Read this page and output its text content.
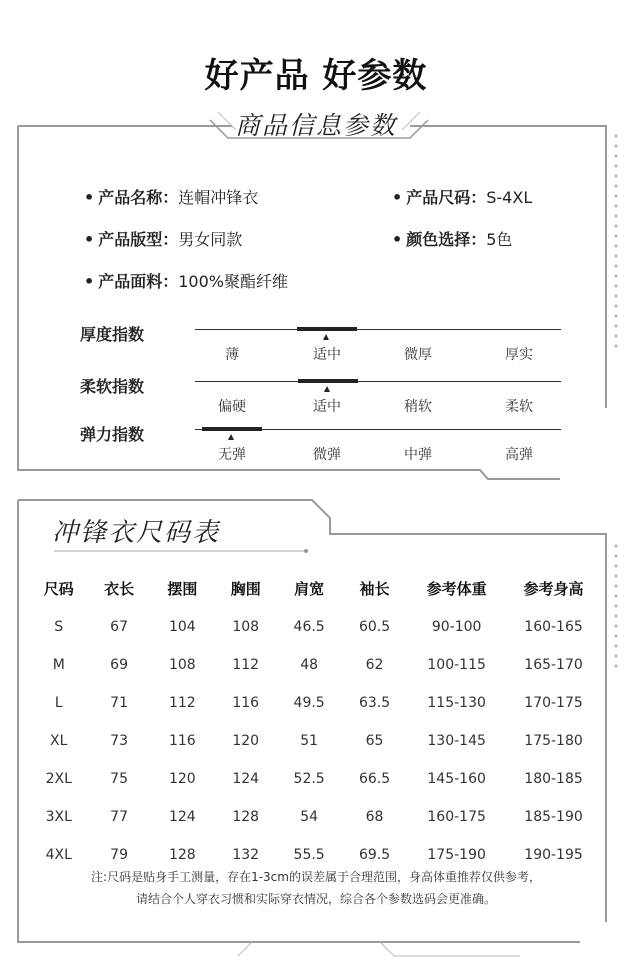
好产品 好参数
商品信息参数
• 产品名称：连帽冲锋衣	• 产品尺码：S-4XL
• 产品版型：男女同款	• 颜色选择：5色
• 产品面料：100%聚酯纤维
厚度指数
薄	适中	微厚	厚实
柔软指数
偏硬	适中	稍软	柔软
弹力指数
无弹	微弹	中弹	高弹
冲锋衣尺码表
尺码	衣长	摆围	胸围	肩宽	袖长	参考体重	参考身高
S	67	104	108	46.5	60.5	90-100	160-165
M	69	108	112	48	62	100-115	165-170
L	71	112	116	49.5	63.5	115-130	170-175
XL	73	116	120	51	65	130-145	175-180
2XL	75	120	124	52.5	66.5	145-160	180-185
3XL	77	124	128	54	68	160-175	185-190
4XL	79	128	132	55.5	69.5	175-190	190-195
注:尺码是贴身手工测量，存在1-3cm的误差属于合理范围，身高体重推荐仅供参考，
请结合个人穿衣习惯和实际穿衣情况，综合各个参数选码会更准确。
